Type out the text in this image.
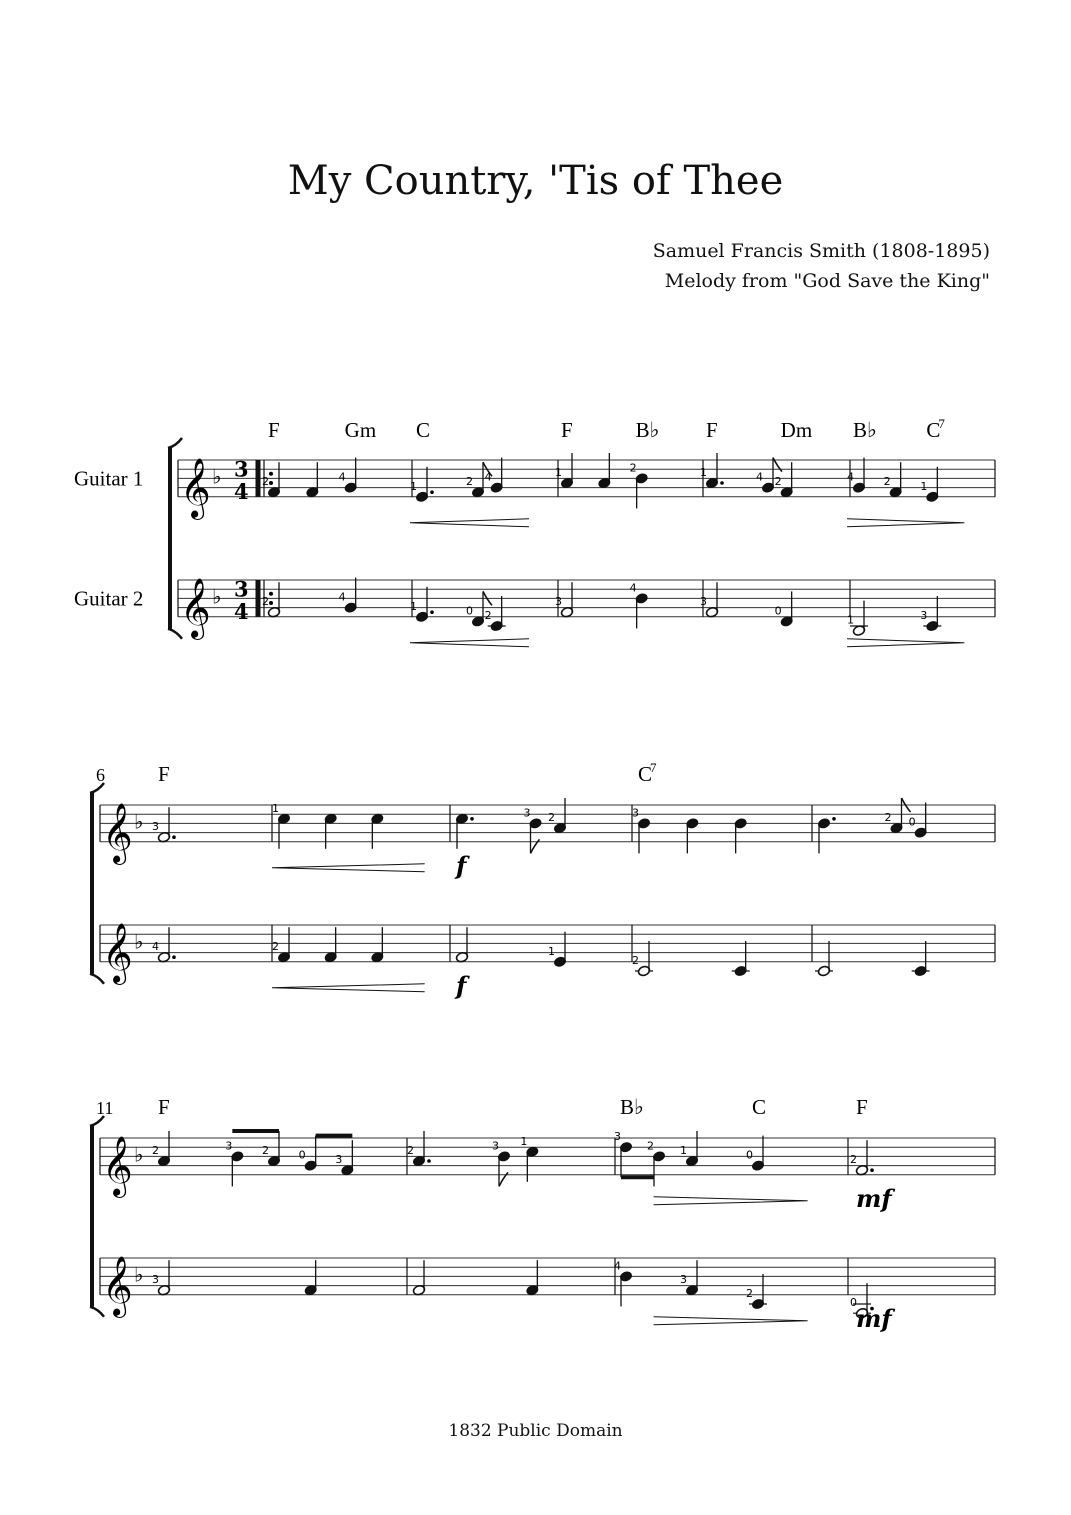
My Country, 'Tis of Thee
Samuel Francis Smith (1808-1895)
Melody from "God Save the King"
𝄞 ♭ 3
4
Guitar 1	2	4
1	2 4	1	2	1	4 2	4	2	1
𝄞 ♭ 3
4
Guitar 2	2	4
1	0 2
3
4
3
0
1	3
F	Gm C	F	B♭ F	Dm B♭ C
7
6
𝄞 ♭ 3
1	3 2	3	2 0
𝄞 ♭ 4	2	1
2
f
f
F	C
7
11
𝄞 ♭ 2	3	2	0	3
2	3 1	3
2 1	0	2
𝄞 ♭ 3
4
3
2
0
mf
mf
F	B♭	C	F
1832 Public Domain
